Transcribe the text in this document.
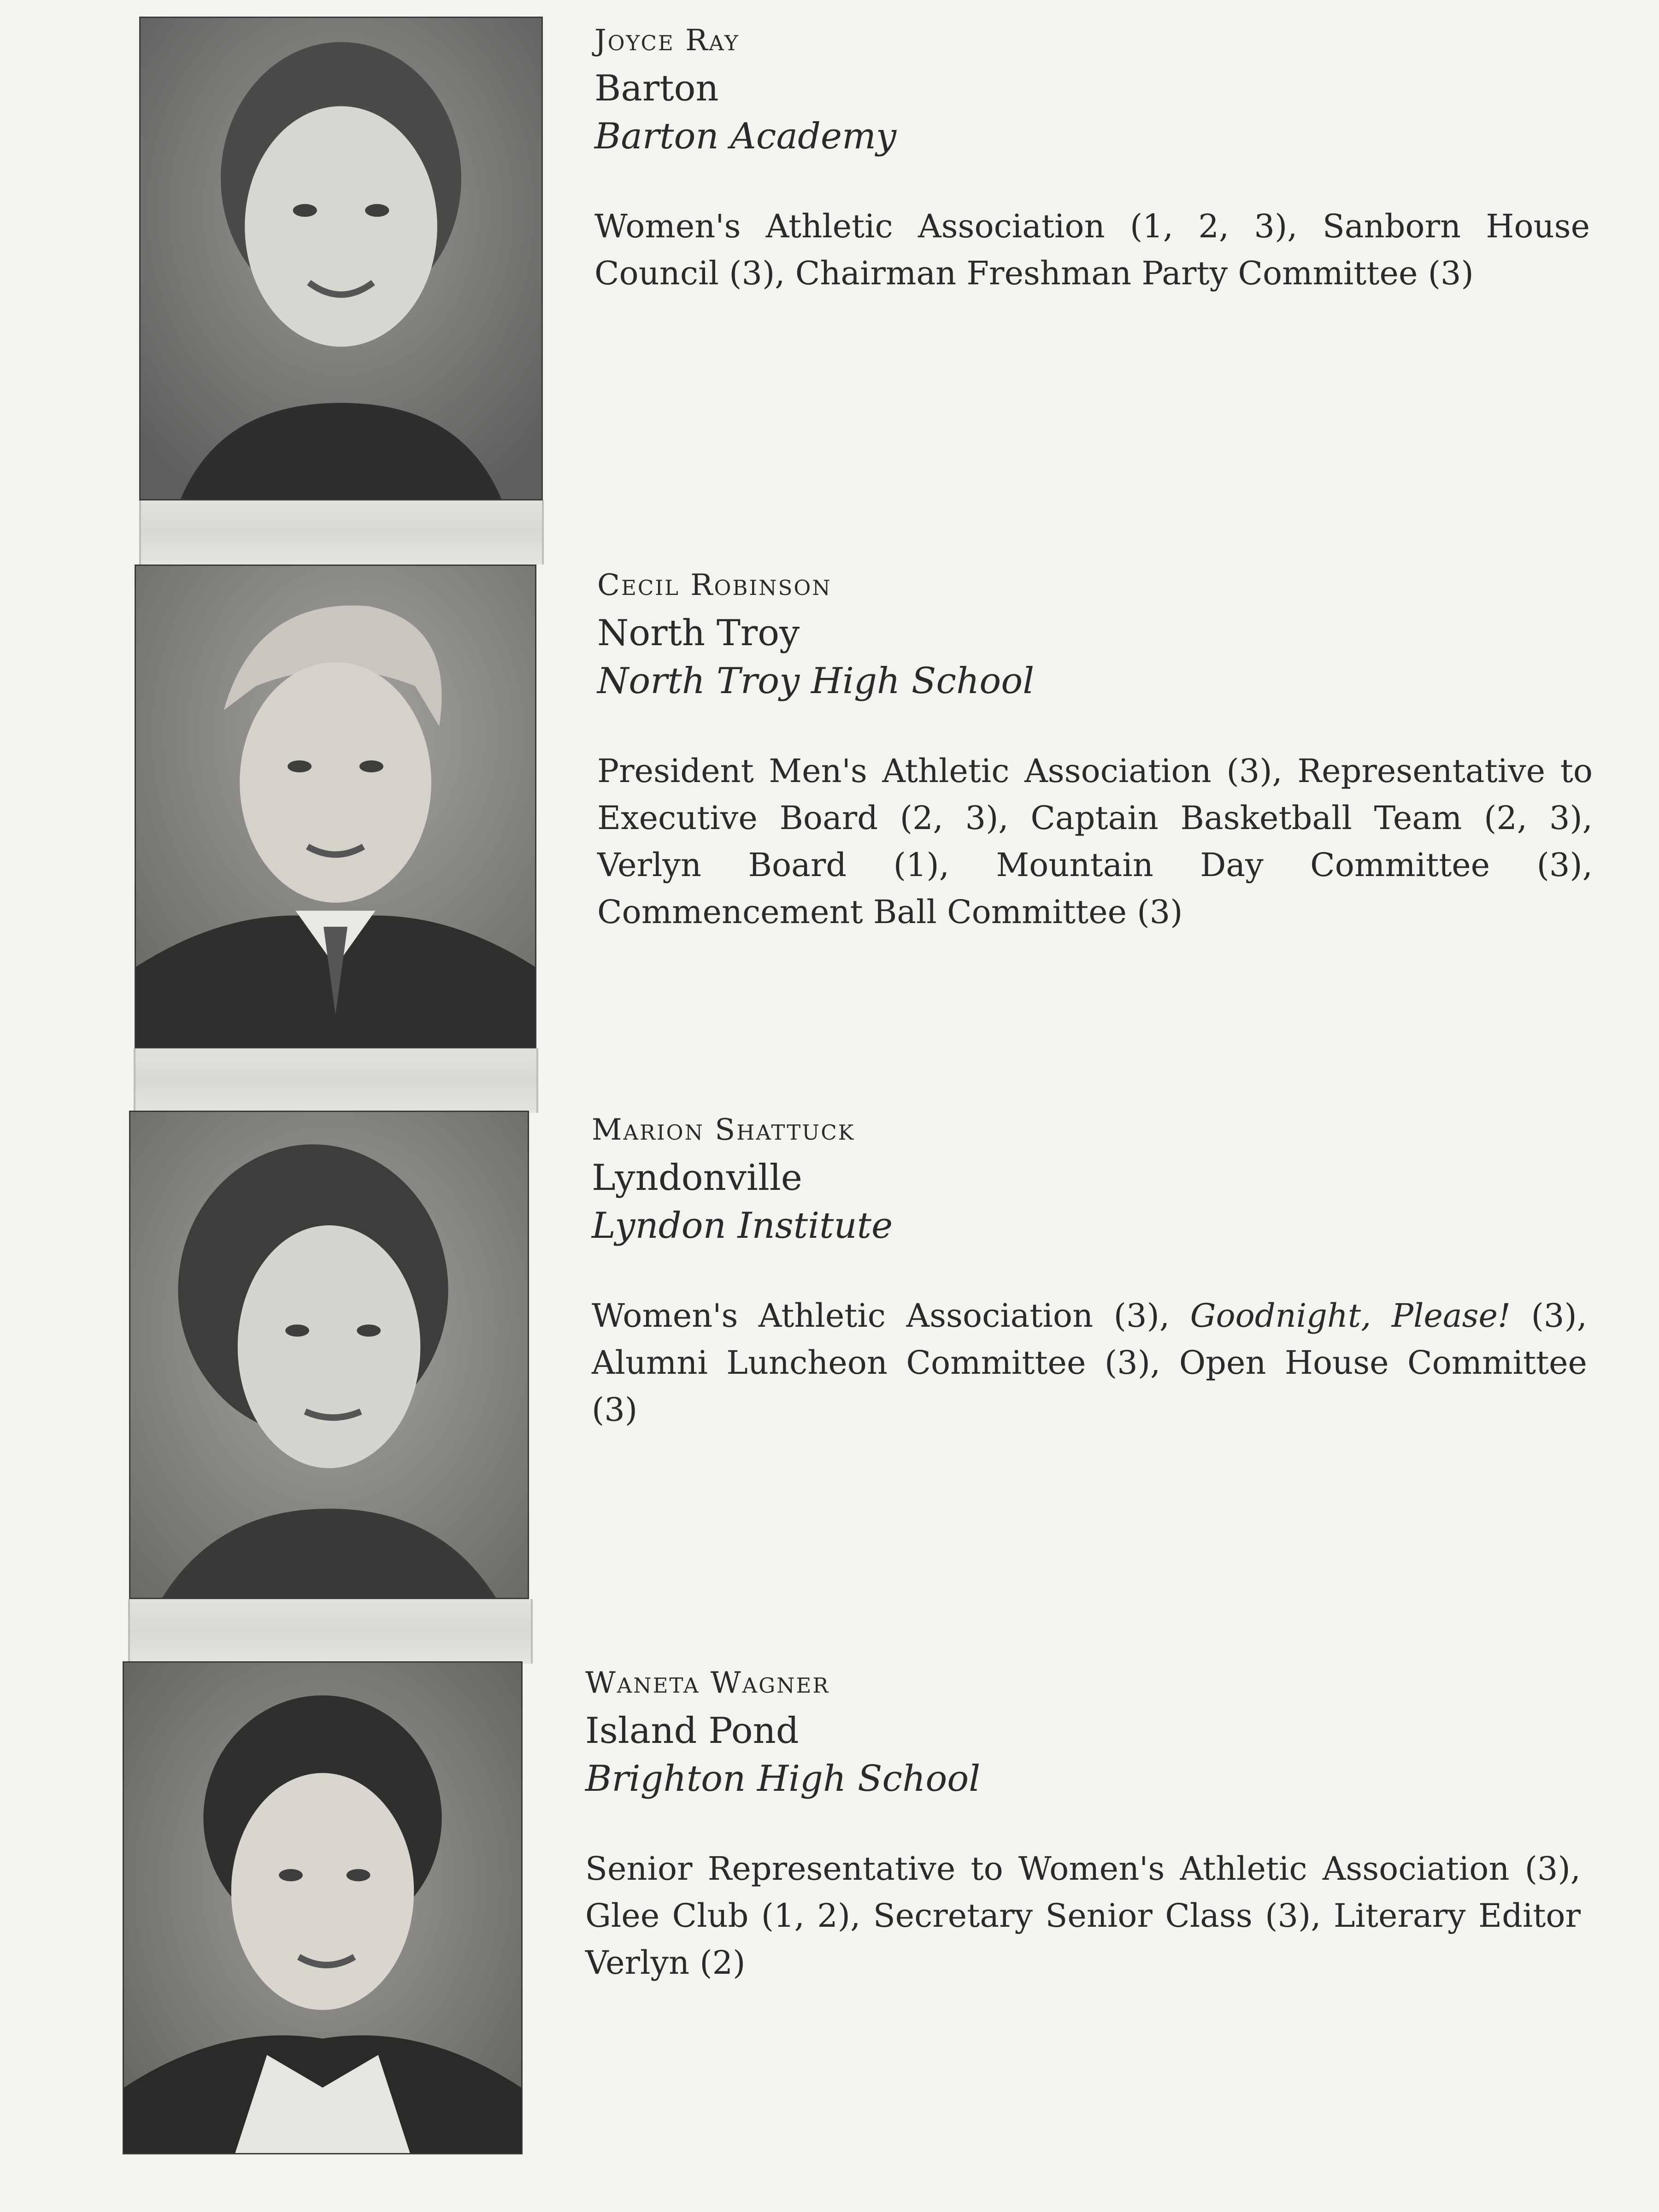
Joyce Ray
Barton
Barton Academy
Women's Athletic Association (1, 2, 3), Sanborn House Council (3), Chairman Freshman Party Committee (3)
Cecil Robinson
North Troy
North Troy High School
President Men's Athletic Association (3), Representative to Executive Board (2, 3), Captain Basketball Team (2, 3), Verlyn Board (1), Mountain Day Committee (3), Commencement Ball Committee (3)
Marion Shattuck
Lyndonville
Lyndon Institute
Women's Athletic Association (3), Goodnight, Please! (3), Alumni Luncheon Committee (3), Open House Committee (3)
Waneta Wagner
Island Pond
Brighton High School
Senior Representative to Women's Athletic Association (3), Glee Club (1, 2), Secretary Senior Class (3), Literary Editor Verlyn (2)
